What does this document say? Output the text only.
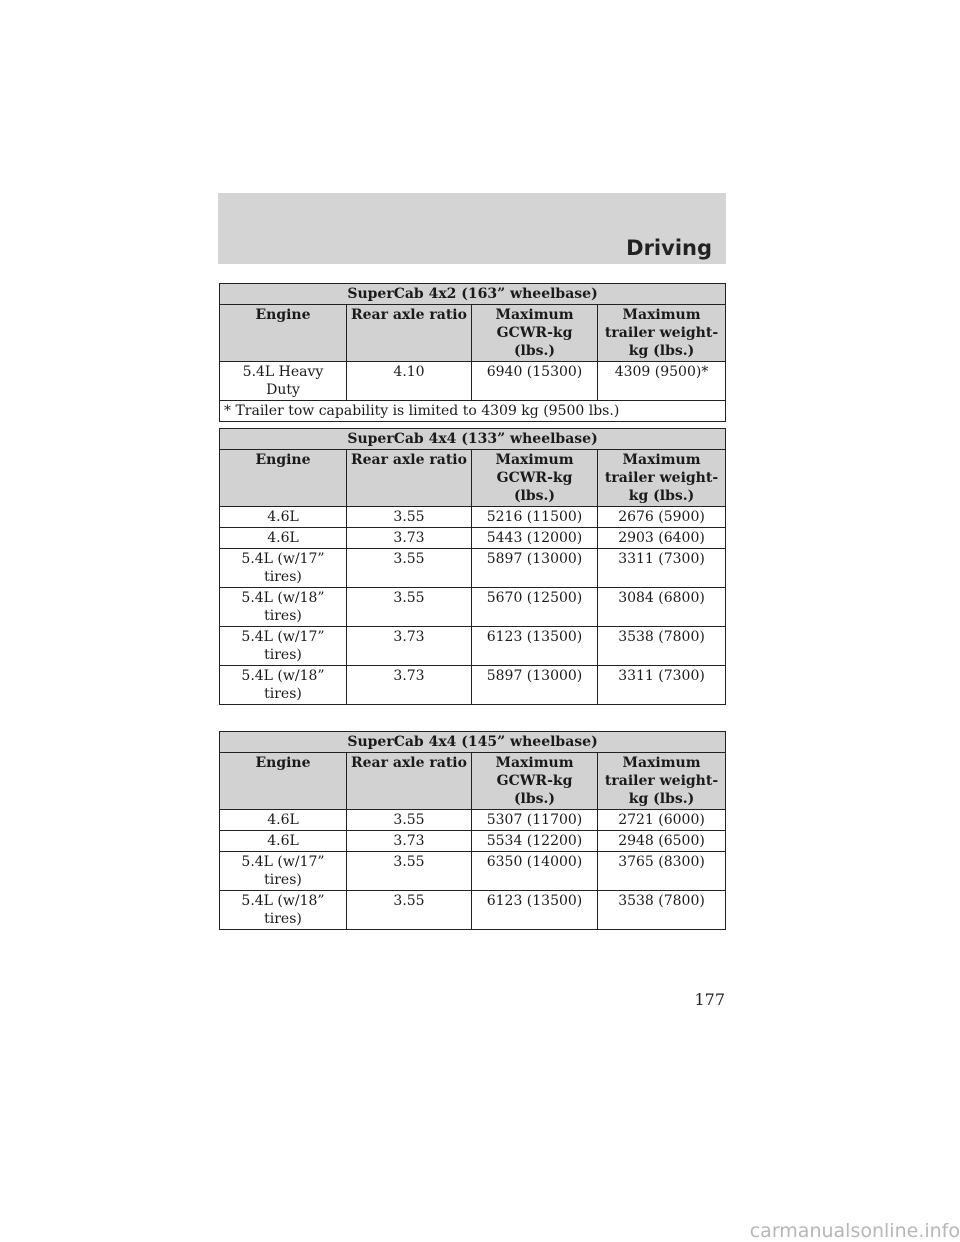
Driving
SuperCab 4x2 (163” wheelbase)			
Engine	Rear axle ratio	Maximum GCWR-kg (lbs.)	Maximum trailer weight-kg (lbs.)
5.4L Heavy Duty	4.10	6940 (15300)	4309 (9500)*
* Trailer tow capability is limited to 4309 kg (9500 lbs.)			
SuperCab 4x4 (133” wheelbase)			
Engine	Rear axle ratio	Maximum GCWR-kg (lbs.)	Maximum trailer weight-kg (lbs.)
4.6L	3.55	5216 (11500)	2676 (5900)
4.6L	3.73	5443 (12000)	2903 (6400)
5.4L (w/17” tires)	3.55	5897 (13000)	3311 (7300)
5.4L (w/18” tires)	3.55	5670 (12500)	3084 (6800)
5.4L (w/17” tires)	3.73	6123 (13500)	3538 (7800)
5.4L (w/18” tires)	3.73	5897 (13000)	3311 (7300)
SuperCab 4x4 (145” wheelbase)			
Engine	Rear axle ratio	Maximum GCWR-kg (lbs.)	Maximum trailer weight-kg (lbs.)
4.6L	3.55	5307 (11700)	2721 (6000)
4.6L	3.73	5534 (12200)	2948 (6500)
5.4L (w/17” tires)	3.55	6350 (14000)	3765 (8300)
5.4L (w/18” tires)	3.55	6123 (13500)	3538 (7800)
177
carmanualsonline.info
